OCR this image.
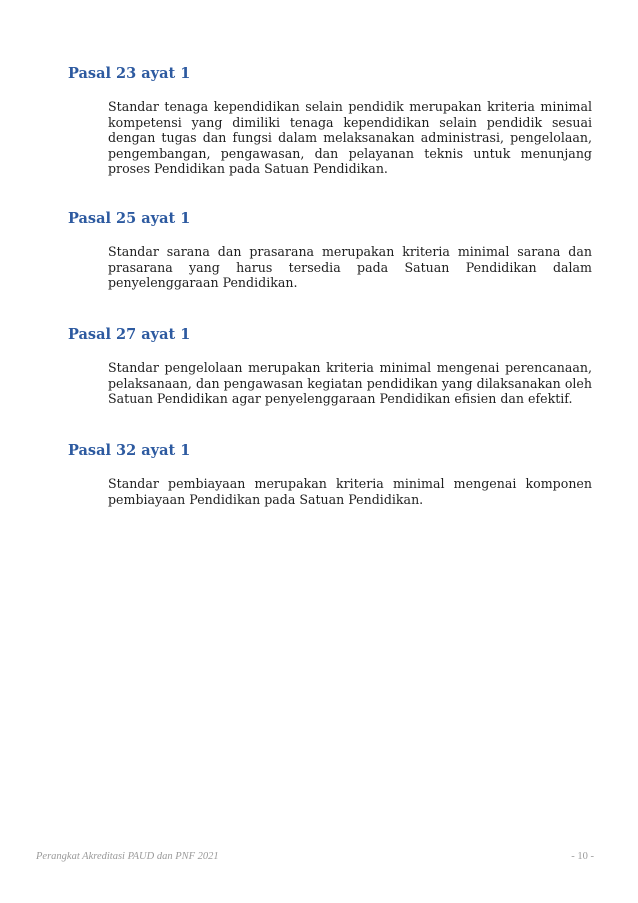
Pasal 23 ayat 1

Standar tenaga kependidikan selain pendidik merupakan kriteria minimal kompetensi yang dimiliki tenaga kependidikan selain pendidik sesuai dengan tugas dan fungsi dalam melaksanakan administrasi, pengelolaan, pengembangan, pengawasan, dan pelayanan teknis untuk menunjang proses Pendidikan pada Satuan Pendidikan.

Pasal 25 ayat 1

Standar sarana dan prasarana merupakan kriteria minimal sarana dan prasarana yang harus tersedia pada Satuan Pendidikan dalam penyelenggaraan Pendidikan.

Pasal 27 ayat 1

Standar pengelolaan merupakan kriteria minimal mengenai perencanaan, pelaksanaan, dan pengawasan kegiatan pendidikan yang dilaksanakan oleh Satuan Pendidikan agar penyelenggaraan Pendidikan efisien dan efektif.

Pasal 32 ayat 1

Standar pembiayaan merupakan kriteria minimal mengenai komponen pembiayaan Pendidikan pada Satuan Pendidikan.

Perangkat Akreditasi PAUD dan PNF 2021	- 10 -
